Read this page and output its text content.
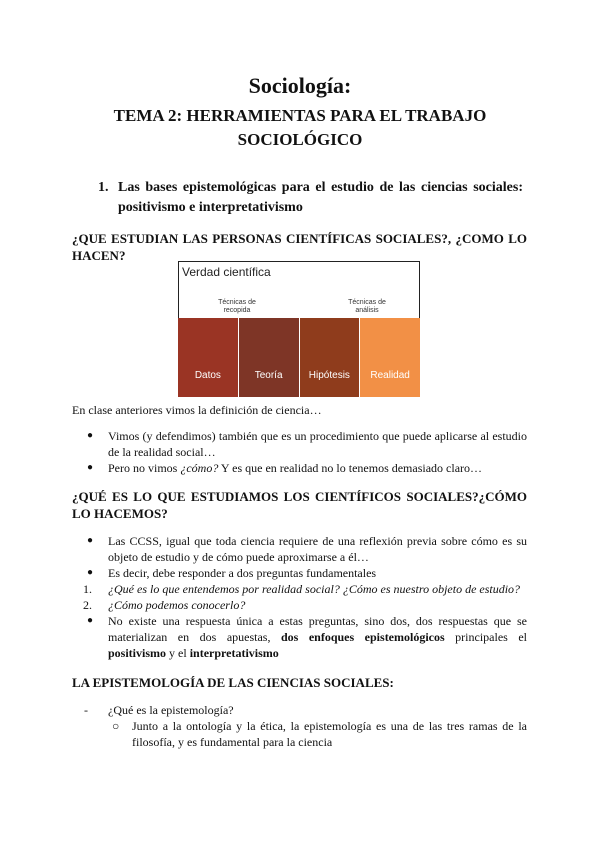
Sociología:
TEMA 2: HERRAMIENTAS PARA EL TRABAJO SOCIOLÓGICO
1. Las bases epistemológicas para el estudio de las ciencias sociales: positivismo e interpretativismo
¿QUE ESTUDIAN LAS PERSONAS CIENTÍFICAS SOCIALES?, ¿COMO LO HACEN?
Verdad científica
Técnicas de recopida
Técnicas de análisis
Datos	Teoría	Hipótesis	Realidad
En clase anteriores vimos la definición de ciencia…
● Vimos (y defendimos) también que es un procedimiento que puede aplicarse al estudio de la realidad social…
● Pero no vimos ¿cómo? Y es que en realidad no lo tenemos demasiado claro…
¿QUÉ ES LO QUE ESTUDIAMOS LOS CIENTÍFICOS SOCIALES?¿CÓMO LO HACEMOS?
● Las CCSS, igual que toda ciencia requiere de una reflexión previa sobre cómo es su objeto de estudio y de cómo puede aproximarse a él…
● Es decir, debe responder a dos preguntas fundamentales
1. ¿Qué es lo que entendemos por realidad social? ¿Cómo es nuestro objeto de estudio?
2. ¿Cómo podemos conocerlo?
● No existe una respuesta única a estas preguntas, sino dos, dos respuestas que se materializan en dos apuestas, dos enfoques epistemológicos principales el positivismo y el interpretativismo
LA EPISTEMOLOGÍA DE LAS CIENCIAS SOCIALES:
- ¿Qué es la epistemología?
○ Junto a la ontología y la ética, la epistemología es una de las tres ramas de la filosofía, y es fundamental para la ciencia
